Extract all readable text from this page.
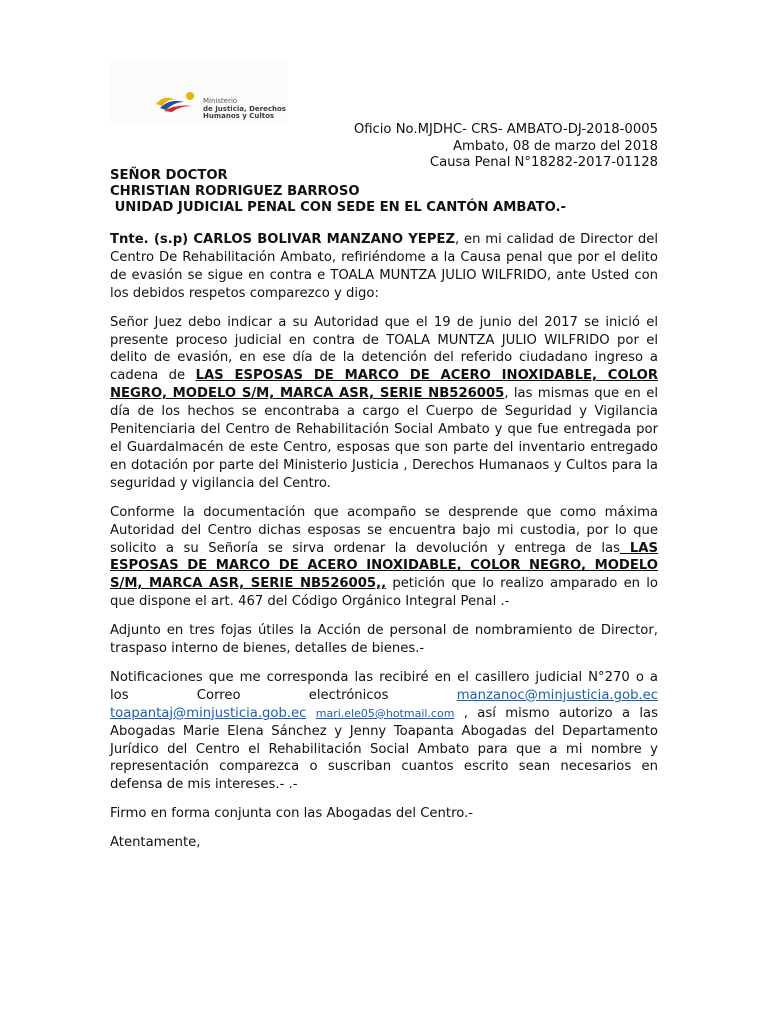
Ministerio
de Justicia, Derechos
Humanos y Cultos
Oficio No.MJDHC- CRS- AMBATO-DJ-2018-0005
Ambato, 08 de marzo del 2018
Causa Penal N°18282-2017-01128
SEÑOR DOCTOR
CHRISTIAN RODRIGUEZ BARROSO
UNIDAD JUDICIAL PENAL CON SEDE EN EL CANTÓN AMBATO.-

Tnte. (s.p) CARLOS BOLIVAR MANZANO YEPEZ, en mi calidad de Director del Centro De Rehabilitación Ambato, refiriéndome a la Causa penal que por el delito de evasión se sigue en contra e TOALA MUNTZA JULIO WILFRIDO, ante Usted con los debidos respetos comparezco y digo:

Señor Juez debo indicar a su Autoridad que el 19 de junio del 2017 se inició el presente proceso judicial en contra de TOALA MUNTZA JULIO WILFRIDO por el delito de evasión, en ese día de la detención del referido ciudadano ingreso a cadena de LAS ESPOSAS DE MARCO DE ACERO INOXIDABLE, COLOR NEGRO, MODELO S/M, MARCA ASR, SERIE NB526005, las mismas que en el día de los hechos se encontraba a cargo el Cuerpo de Seguridad y Vigilancia Penitenciaria del Centro de Rehabilitación Social Ambato y que fue entregada por el Guardalmacén de este Centro, esposas que son parte del inventario entregado en dotación por parte del Ministerio Justicia , Derechos Humanaos y Cultos para la seguridad y vigilancia del Centro.

Conforme la documentación que acompaño se desprende que como máxima Autoridad del Centro dichas esposas se encuentra bajo mi custodia, por lo que solicito a su Señoría se sirva ordenar la devolución y entrega de las LAS ESPOSAS DE MARCO DE ACERO INOXIDABLE, COLOR NEGRO, MODELO S/M, MARCA ASR, SERIE NB526005,, petición que lo realizo amparado en lo que dispone el art. 467 del Código Orgánico Integral Penal .-

Adjunto en tres fojas útiles la Acción de personal de nombramiento de Director, traspaso interno de bienes, detalles de bienes.-

Notificaciones que me corresponda las recibiré en el casillero judicial N°270 o a los Correo electrónicos manzanoc@minjusticia.gob.ec toapantaj@minjusticia.gob.ec mari.ele05@hotmail.com , así mismo autorizo a las Abogadas Marie Elena Sánchez y Jenny Toapanta Abogadas del Departamento Jurídico del Centro el Rehabilitación Social Ambato para que a mi nombre y representación comparezca o suscriban cuantos escrito sean necesarios en defensa de mis intereses.- .-

Firmo en forma conjunta con las Abogadas del Centro.-

Atentamente,
